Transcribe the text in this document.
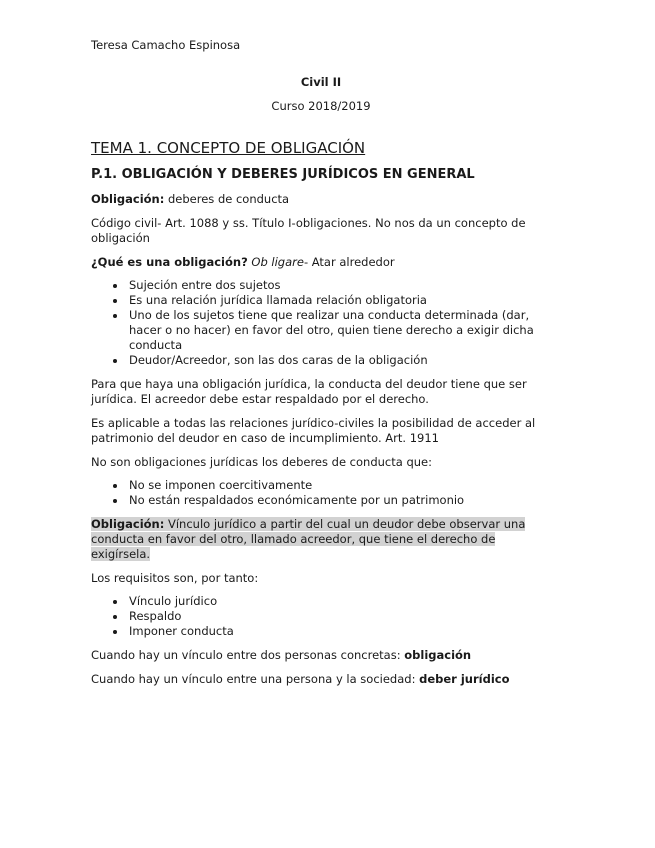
Teresa Camacho Espinosa
Civil II
Curso 2018/2019
TEMA 1. CONCEPTO DE OBLIGACIÓN
P.1. OBLIGACIÓN Y DEBERES JURÍDICOS EN GENERAL

Obligación: deberes de conducta

Código civil- Art. 1088 y ss. Título I-obligaciones. No nos da un concepto de obligación

¿Qué es una obligación? Ob ligare- Atar alrededor

Sujeción entre dos sujetos
Es una relación jurídica llamada relación obligatoria
Uno de los sujetos tiene que realizar una conducta determinada (dar, hacer o no hacer) en favor del otro, quien tiene derecho a exigir dicha conducta
Deudor/Acreedor, son las dos caras de la obligación

Para que haya una obligación jurídica, la conducta del deudor tiene que ser jurídica. El acreedor debe estar respaldado por el derecho.

Es aplicable a todas las relaciones jurídico-civiles la posibilidad de acceder al patrimonio del deudor en caso de incumplimiento. Art. 1911

No son obligaciones jurídicas los deberes de conducta que:

No se imponen coercitivamente
No están respaldados económicamente por un patrimonio

Obligación: Vínculo jurídico a partir del cual un deudor debe observar una conducta en favor del otro, llamado acreedor, que tiene el derecho de exigírsela.

Los requisitos son, por tanto:

Vínculo jurídico
Respaldo
Imponer conducta

Cuando hay un vínculo entre dos personas concretas: obligación

Cuando hay un vínculo entre una persona y la sociedad: deber jurídico
